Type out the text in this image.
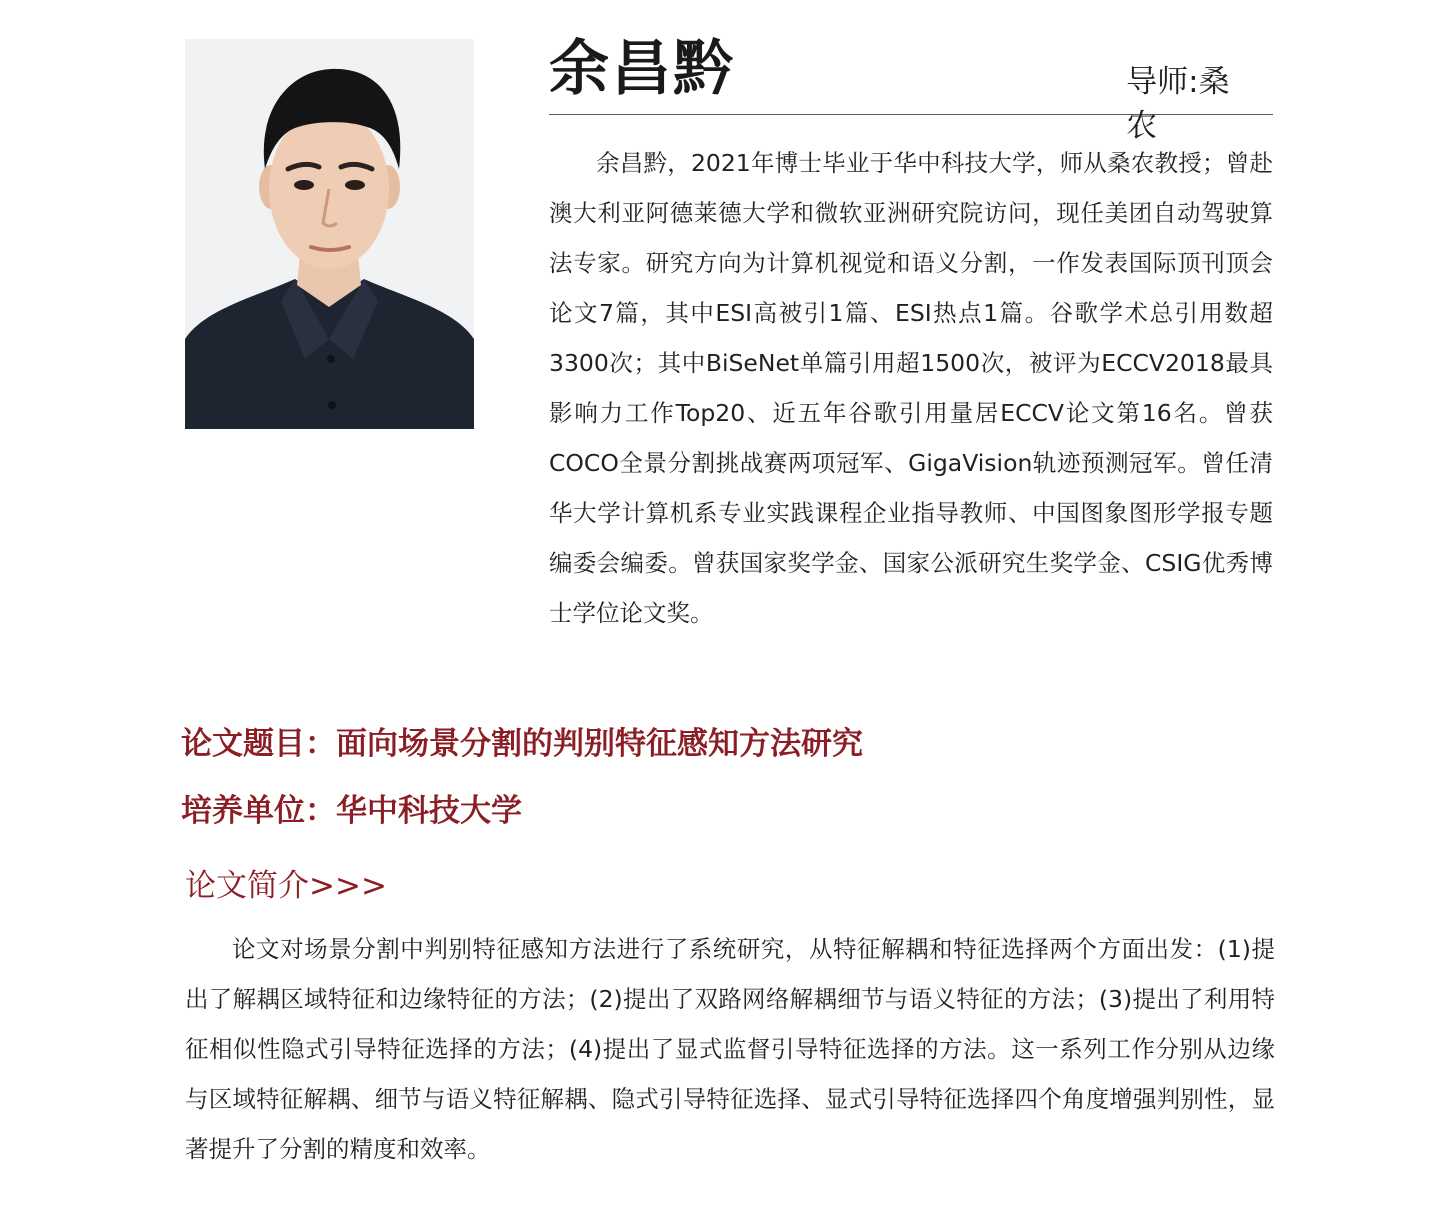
余昌黔	导师:桑农

余昌黔，2021年博士毕业于华中科技大学，师从桑农教授；曾赴澳大利亚阿德莱德大学和微软亚洲研究院访问，现任美团自动驾驶算法专家。研究方向为计算机视觉和语义分割，一作发表国际顶刊顶会论文7篇，其中ESI高被引1篇、ESI热点1篇。谷歌学术总引用数超3300次；其中BiSeNet单篇引用超1500次，被评为ECCV2018最具影响力工作Top20、近五年谷歌引用量居ECCV论文第16名。曾获COCO全景分割挑战赛两项冠军、GigaVision轨迹预测冠军。曾任清华大学计算机系专业实践课程企业指导教师、中国图象图形学报专题编委会编委。曾获国家奖学金、国家公派研究生奖学金、CSIG优秀博士学位论文奖。

论文题目：面向场景分割的判别特征感知方法研究
培养单位：华中科技大学
论文简介>>>

论文对场景分割中判别特征感知方法进行了系统研究，从特征解耦和特征选择两个方面出发：(1)提出了解耦区域特征和边缘特征的方法；(2)提出了双路网络解耦细节与语义特征的方法；(3)提出了利用特征相似性隐式引导特征选择的方法；(4)提出了显式监督引导特征选择的方法。这一系列工作分别从边缘与区域特征解耦、细节与语义特征解耦、隐式引导特征选择、显式引导特征选择四个角度增强判别性，显著提升了分割的精度和效率。
